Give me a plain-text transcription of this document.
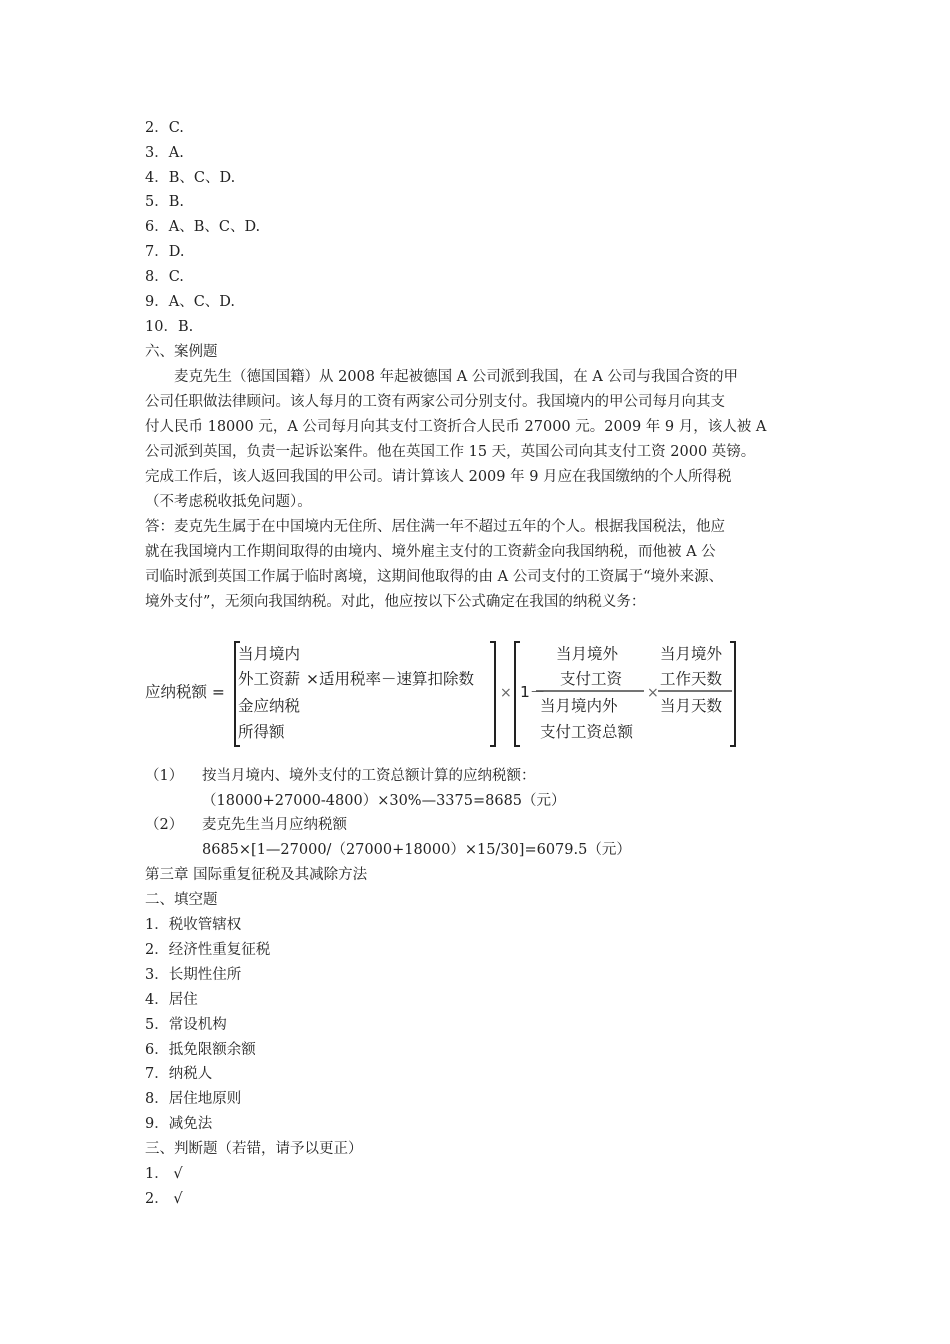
2．C.
3．A.
4．B、C、D.
5．B.
6．A、B、C、D.
7．D.
8．C.
9．A、C、D.
10．B.
六、案例题
　　麦克先生（德国国籍）从 2008 年起被德国 A 公司派到我国，在 A 公司与我国合资的甲
公司任职做法律顾问。该人每月的工资有两家公司分别支付。我国境内的甲公司每月向其支
付人民币 18000 元，A 公司每月向其支付工资折合人民币 27000 元。2009 年 9 月，该人被 A
公司派到英国，负责一起诉讼案件。他在英国工作 15 天，英国公司向其支付工资 2000 英镑。
完成工作后，该人返回我国的甲公司。请计算该人 2009 年 9 月应在我国缴纳的个人所得税
（不考虑税收抵免问题）。
答：麦克先生属于在中国境内无住所、居住满一年不超过五年的个人。根据我国税法，他应
就在我国境内工作期间取得的由境内、境外雇主支付的工资薪金向我国纳税，而他被 A 公
司临时派到英国工作属于临时离境，这期间他取得的由 A 公司支付的工资属于“境外来源、
境外支付”，无须向我国纳税。对此，他应按以下公式确定在我国的纳税义务：
应纳税额 =
当月境内
外工资薪
金应纳税
所得额
×适用税率－速算扣除数
× 1－
当月境外
支付工资
当月境内外
支付工资总额
×
当月境外
工作天数
当月天数
（1） 按当月境内、境外支付的工资总额计算的应纳税额：
（18000+27000-4800）×30%—3375=8685（元）
（2） 麦克先生当月应纳税额
8685×[1—27000/（27000+18000）×15/30]=6079.5（元）
第三章 国际重复征税及其减除方法
二、填空题
1．税收管辖权
2．经济性重复征税
3．长期性住所
4．居住
5．常设机构
6．抵免限额余额
7．纳税人
8．居住地原则
9．减免法
三、判断题（若错，请予以更正）
1． √
2． √
